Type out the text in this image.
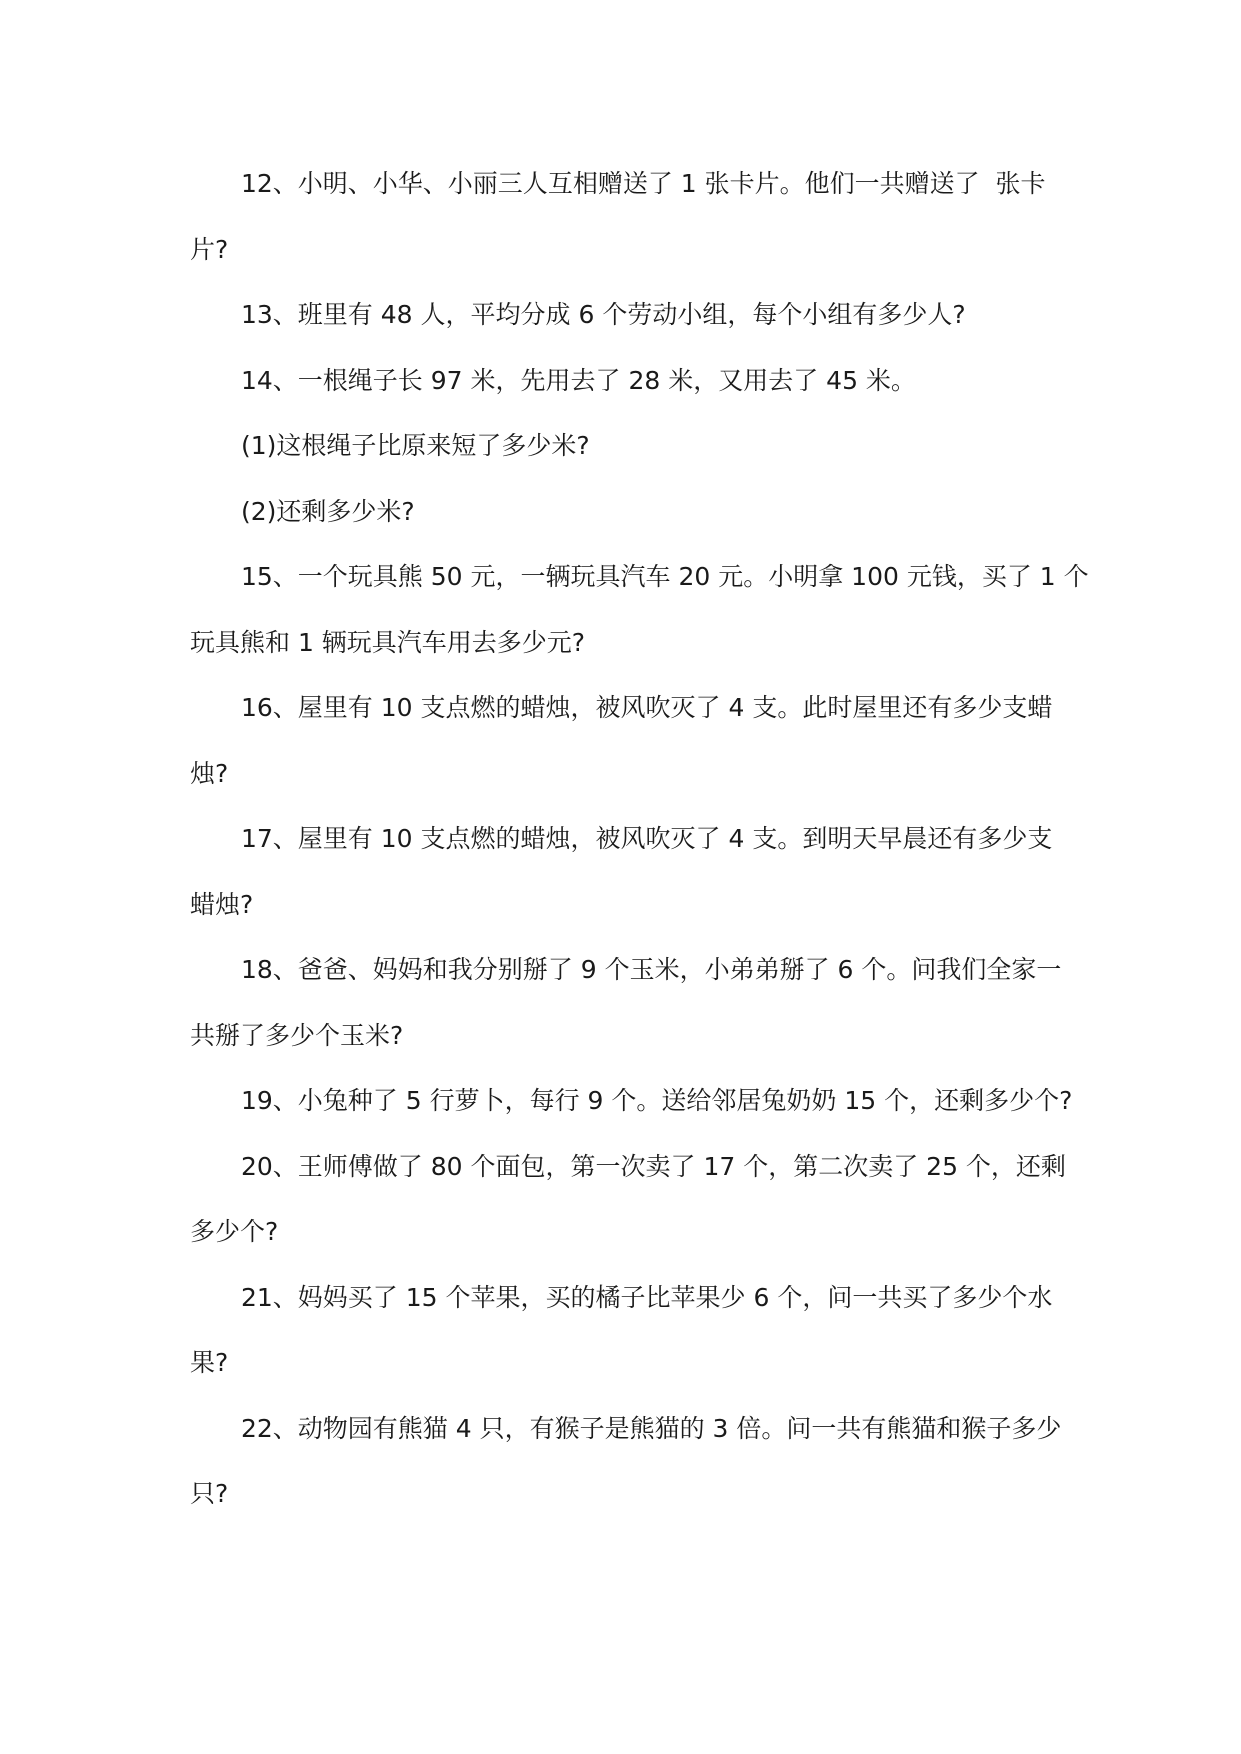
12、小明、小华、小丽三人互相赠送了 1 张卡片。他们一共赠送了  张卡
片?
13、班里有 48 人，平均分成 6 个劳动小组，每个小组有多少人?
14、一根绳子长 97 米，先用去了 28 米，又用去了 45 米。
(1)这根绳子比原来短了多少米?
(2)还剩多少米?
15、一个玩具熊 50 元，一辆玩具汽车 20 元。小明拿 100 元钱，买了 1 个
玩具熊和 1 辆玩具汽车用去多少元?
16、屋里有 10 支点燃的蜡烛，被风吹灭了 4 支。此时屋里还有多少支蜡
烛?
17、屋里有 10 支点燃的蜡烛，被风吹灭了 4 支。到明天早晨还有多少支
蜡烛?
18、爸爸、妈妈和我分别掰了 9 个玉米，小弟弟掰了 6 个。问我们全家一
共掰了多少个玉米?
19、小兔种了 5 行萝卜，每行 9 个。送给邻居兔奶奶 15 个，还剩多少个?
20、王师傅做了 80 个面包，第一次卖了 17 个，第二次卖了 25 个，还剩
多少个?
21、妈妈买了 15 个苹果，买的橘子比苹果少 6 个，问一共买了多少个水
果?
22、动物园有熊猫 4 只，有猴子是熊猫的 3 倍。问一共有熊猫和猴子多少
只?
